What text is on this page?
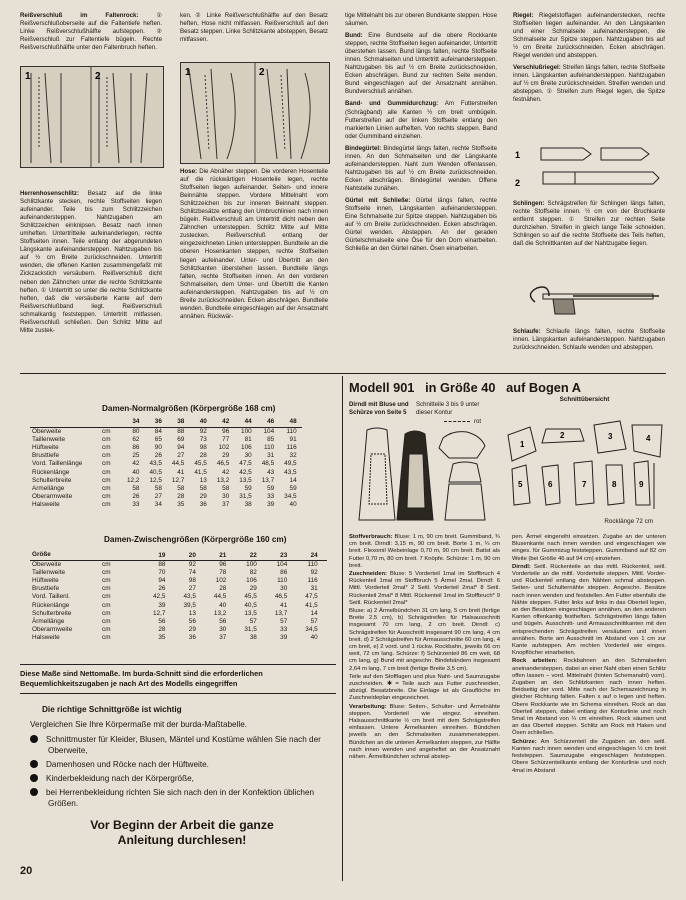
Reißverschluß im Faltenrock:	① Reißverschlußoberseite auf die Faltentiefe heften. Linke Reißverschlußhälfte aufsteppen. ② Reißverschluß zur Faltentiefe bügeln. Rechte Reißverschlußhälfte unter den Faltenbruch heften.

1	2

Herrenhosenschlitz: Besatz auf die linke Schlitzkante stecken, rechte Stoffseiten liegen aufeinander. Teile bis zum Schlitzzeichen aufeinandersteppen. Nahtzugaben am Schlitzzeichen einknipsen. Besatz nach innen umheften. Untertritteile aufeinanderlegen, rechte Stoffseiten innen. Teile entlang der abgerundeten Längskante aufeinandersteppen. Nahtzugaben bis auf ½ cm Breite zurückschneiden. Untertritt wenden, die offenen Kanten zusammengefaßt mit Zickzackstich versäubern. Reißverschluß dicht neben den Zähnchen unter die rechte Schlitzkante heften. ① Untertritt so unter die rechte Schlitzkante heften, daß die versäuberte Kante auf dem Reißverschlußband liegt. Reißverschluß schmalkantig feststeppen. Untertritt mitfassen. Reißverschluß schließen. Den Schlitz Mitte auf Mitte zustek-

ken. ② Linke Reißverschlußhälfte auf den Besatz heften, Hose nicht mitfassen. Reißverschluß auf den Besatz steppen. Linke Schlitzkante absteppen, Besatz mitfassen.

1	2

Hose: Die Abnäher steppen. Die vorderen Hosenteile auf die rückwärtigen Hosenteile legen, rechte Stoffseiten liegen aufeinander. Seiten- und innere Beinnähte steppen. Vordere Mittelnaht vom Schlitzzeichen bis zur inneren Beinnaht steppen. Schlitzbesätze entlang den Umbruchlinien nach innen bügeln. Reißverschluß am Untertritt dicht neben den Zähnchen untersteppen. Schlitz Mitte auf Mitte zustecken. Reißverschluß entlang der eingezeichneten Linien untersteppen. Bundteile an die oberen Hosenkanten steppen, rechte Stoffseiten liegen aufeinander. Unter- und Übertritt an den Schlitzkanten überstehen lassen. Bundteile längs falten, rechte Stoffseiten innen. An den vorderen Schmalseiten, dem Unter- und Übertritt die Kanten aufeinandersteppen. Nahtzugaben bis auf ½ cm Breite zurückschneiden. Ecken abschrägen. Bundteile wenden. Bundteile einigeschlagen auf der Ansatznaht annähen. Rückwär-

tige Mittelnaht bis zur oberen Bundkante steppen. Hose säumen.

Bund: Eine Bundseite auf die obere Rockkante steppen, rechte Stoffseiten liegen aufeinander, Untertritt überstehen lassen. Bund längs falten, rechte Stoffseite innen. Schmalseiten und Untertritt aufeinandersteppen. Nahtzugaben bis auf ½ cm Breite zurückschneiden, Ecken abschrägen. Bund zur rechten Seite wenden. Bund eingeschlagen auf der Ansatznaht annähen. Bundverschluß annähen.

Band- und Gummidurchzug: Am Futterstreifen (Schrägband) alle Kanten ½ cm breit umbügeln. Futterstreifen auf der linken Stoffseite entlang den markierten Linien aufheften. Von rechts steppen. Band oder Gummiband einziehen.

Bindegürtel: Bindegürtel längs falten, rechte Stoffseite innen. An den Schmalseiten und der Längskante aufeinandersteppen. Naht zum Wenden offenlassen. Nahtzugaben bis auf ½ cm Breite zurückschneiden. Ecken abschrägen. Bindegürtel wenden. Offene Nahtstelle zunähen.

Gürtel mit Schließe: Gürtel längs falten, rechte Stoffseite innen, Längskanten aufeinandersteppen. Eine Schmalseite zur Spitze steppen. Nahtzugaben bis auf ½ cm Breite zurückschneiden. Ecken abschrägen. Gürtel wenden. Absteppen. An der geraden Gürtelschmalseite eine Öse für den Dorn einarbeiten. Schließe an den Gürtel nähen. Ösen einarbeiten.

Riegel: Riegelstoffagen aufeinanderstecken, rechte Stoffseiten liegen aufeinander. An den Längskanten und einer Schmalseite aufeinandersteppen, die Schmalseite zur Spitze steppen. Nahtzugaben bis auf ½ cm Breite zurückschneiden. Ecken abschrägen. Riegel wenden und absteppen.

Verschlußriegel: Streifen längs falten, rechte Stoffseite innen. Längskanten aufeinandersteppen. Nahtzugaben auf ½ cm Breite zurückschneiden. Streifen wenden und absteppen. ① Streifen zum Riegel legen, die Spitze festnähen.

1
2

Schlingen: Schrägstreifen für Schlingen längs falten, rechte Stoffseite innen. ½ cm von der Bruchkante entfernt steppen. ① Streifen zur rechten Seite durchziehen. Streifen in gleich lange Teile schneiden. Schlingen so auf die rechte Stoffseite des Teils heften, daß die Schnittkanten auf der Nahtzugabe liegen.

Schlaufe: Schlaufe längs falten, rechte Stoffseite innen. Längskanten aufeinandersteppen. Nahtzugaben zurückschneiden. Schlaufe wenden und absteppen.

Damen-Normalgrößen (Körpergröße 168 cm)
		34	36	38	40	42	44	46	48
Oberweite	cm	80	84	88	92	96	100	104	110
Taillenweite	cm	62	65	69	73	77	81	85	91
Hüftweite	cm	86	90	94	98	102	106	110	116
Brusttiefe	cm	25	26	27	28	29	30	31	32
Vord. Taillenlänge	cm	42	43,5	44,5	45,5	46,5	47,5	48,5	49,5
Rückenlänge	cm	40	40,5	41	41,5	42	42,5	43	43,5
Schulterbreite	cm	12,2	12,5	12,7	13	13,2	13,5	13,7	14
Armellänge	cm	58	58	58	58	58	59	59	59
Oberarmweite	cm	26	27	28	29	30	31,5	33	34,5
Halsweite	cm	33	34	35	36	37	38	39	40
Damen-Zwischengrößen (Körpergröße 160 cm)
Größe		19	20	21	22	23	24
Oberweite	cm	88	92	96	100	104	110
Taillenweite	cm	70	74	78	82	86	92
Hüftweite	cm	94	98	102	106	110	116
Brusttiefe	cm	26	27	28	29	30	31
Vord. Taillenl.	cm	42,5	43,5	44,5	45,5	46,5	47,5
Rückenlänge	cm	39	39,5	40	40,5	41	41,5
Schulterbreite	cm	12,7	13	13,2	13,5	13,7	14
Ärmellänge	cm	56	56	56	57	57	57
Oberarmweite	cm	28	29	30	31,5	33	34,5
Halsweite	cm	35	36	37	38	39	40
Diese Maße sind Nettomaße. Im burda-Schnitt sind die erforderlichen Bequemlichkeitszugaben je nach Art des Modells eingegriffen
Die richtige Schnittgröße ist wichtig
Vergleichen Sie Ihre Körpermaße mit der burda-Maßtabelle.
Schnittmuster für Kleider, Blusen, Mäntel und Kostüme wählen Sie nach der Oberweite,
Damenhosen und Röcke nach der Hüftweite.
Kinderbekleidung nach der Körpergröße,
bei Herrenbekleidung richten Sie sich nach den in der Konfektion üblichen Größen.
Vor Beginn der Arbeit die ganze
Anleitung durchlesen!
20
Modell 901   in Größe 40   auf Bogen A
Dirndl mit Bluse und Schürze von Seite 5
Schnitteile 3 bis 9 unter dieser Kontur
rot
Schnittübersicht
1
2	3	4
5	6	7	8	9
Rocklänge 72 cm

Stoffverbrauch: Bluse: 1 m, 90 cm breit. Gummiband, ¾ cm breit. Dirndl: 3,15 m, 90 cm breit. Borte 1 m, ¼ cm breit. Flexomil Webeinlage 0,70 m, 90 cm breit. Batist als Futter 0,70 m, 80 cm breit. 7 Knöpfe. Schürze: 1 m, 90 cm breit.

Zuschneiden: Bluse: 5 Vorderteil 1mal im Stoffbruch 4 Rückenteil 1mal im Stoffbruch 5 Ärmel 2mal. Dirndl: 6 Mittl. Vorderteil 2mal* 2 Seitl. Vorderteil 2mal* 8 Seitl. Rückenteil 2mal* 8 Mittl. Rückenteil 1mal im Stoffbruch* 9 Seitl. Rückenteil 2mal*

Bluse: a) 2 Ärmelbündchen 31 cm lang, 5 cm breit (fertige Breite 2,5 cm), b) Schrägstreifen für Halsausschnitt insgesamt 70 cm lang, 2 cm breit. Dirndl: c) Schrägstreifen für Ausschnitt insgesamt 90 cm lang, 4 cm breit, d) 2 Schrägstreifen für Armausschnitte 60 cm lang, 4 cm breit, e) 2 vord. und 1 rückw. Rockbahn, jeweils 66 cm weit, 72 cm lang. Schürze: f) Schürzenteil 86 cm weit, 68 cm lang, g) Bund mit angeschn. Bindebändern insgesamt 2,64 m lang, 7 cm breit (fertige Breite 3,5 cm).

Teile auf den Stofflagen und plus Naht- und Saumzugabe zuschneiden. ✱ = Teile auch aus Futter zuschneiden, abzügl. Besatzbreite. Die Einlage ist als Grauflöche im Zuschneideplan eingezeichnet.

Verarbeitung: Bluse: Seiten-, Schulter- und Ärmelnähte steppen. Vorderteil wie eingez. einreihen. Halsausschnittkante ½ cm breit mit dem Schrägstreifen einfassen. Untere Ärmelkanten einreihen. Bündchen jeweils an den Schmalseiten zusammensteppen. Bündchen an die unteren Ärmelkanten steppen, zur Hälfte nach innen wenden und angeheftet an der Ansatznaht nähen. Ärmelbündchen schmal abstep-

pen. Ärmel eingereiht einsetzen. Zugabe an der unteren Blusenkante nach innen wenden und eingeschlagen wie einges. für Gummizug feststeppen. Gummiband auf 82 cm Weite (bei Größe 46 auf 94 cm) einziehen.

Dirndl: Seitl. Rückenteile an das mittl. Rückenteil, seitl. Vorderteile an die mittl. Vorderteile steppen. Mittl. Vorder- und Rückenteil entlang den Nähten schmal absteppen. Seiten- und Schulternähte steppen. Angeschn. Besätze nach innen wenden und feststellen. Am Futter ebenfalls die Nähte steppen. Futter links auf links in das Oberteil legen, an den Besätzen eingeschlagen annähen, an den anderen Kanten offenkantig festheften. Schrägstreifen längs falten und bügeln. Ausschnitt- und Armausschnittkanten mit den entsprechenden Schrägstreifen versäubern und innen annähen. Borte am Ausschnitt im Abstand von 1 cm zur Kante aufsteppen. Am rechten Vorderteil wie einges. Knopflöcher einarbeiten.

Rock arbeiten: Rockbahnen an den Schmalseiten aneinandersteppen, dabei an einer Naht oben einen Schlitz offen lassen – vord. Mittelnaht (hinten Schemanaht) vorn). Zugaben an den Schlitzkanten nach innen heften. Beidseitig der vord. Mitte nach der Schemazeichnung in gleicher Richtung falten. Falten x auf o legen und heften. Obere Rockkante wie im Schema einreihen. Rock an das Oberteil steppen, dabei entlang der Konturlinie und noch 5mal im Abstand von ¼ cm einreihen. Rock säumen und an das Oberteil steppen. Schlitz am Rock mit Haken und Ösen schließen.

Schürze: Am Schürzenteil die Zugaben an den seitl. Kanten nach innen wenden und eingeschlagen ½ cm breit feststeppen. Saumzugabe eingeschlagen feststeppen. Obere Schürzenteilkante entlang der Konturlinie und noch 4mal im Abstand
